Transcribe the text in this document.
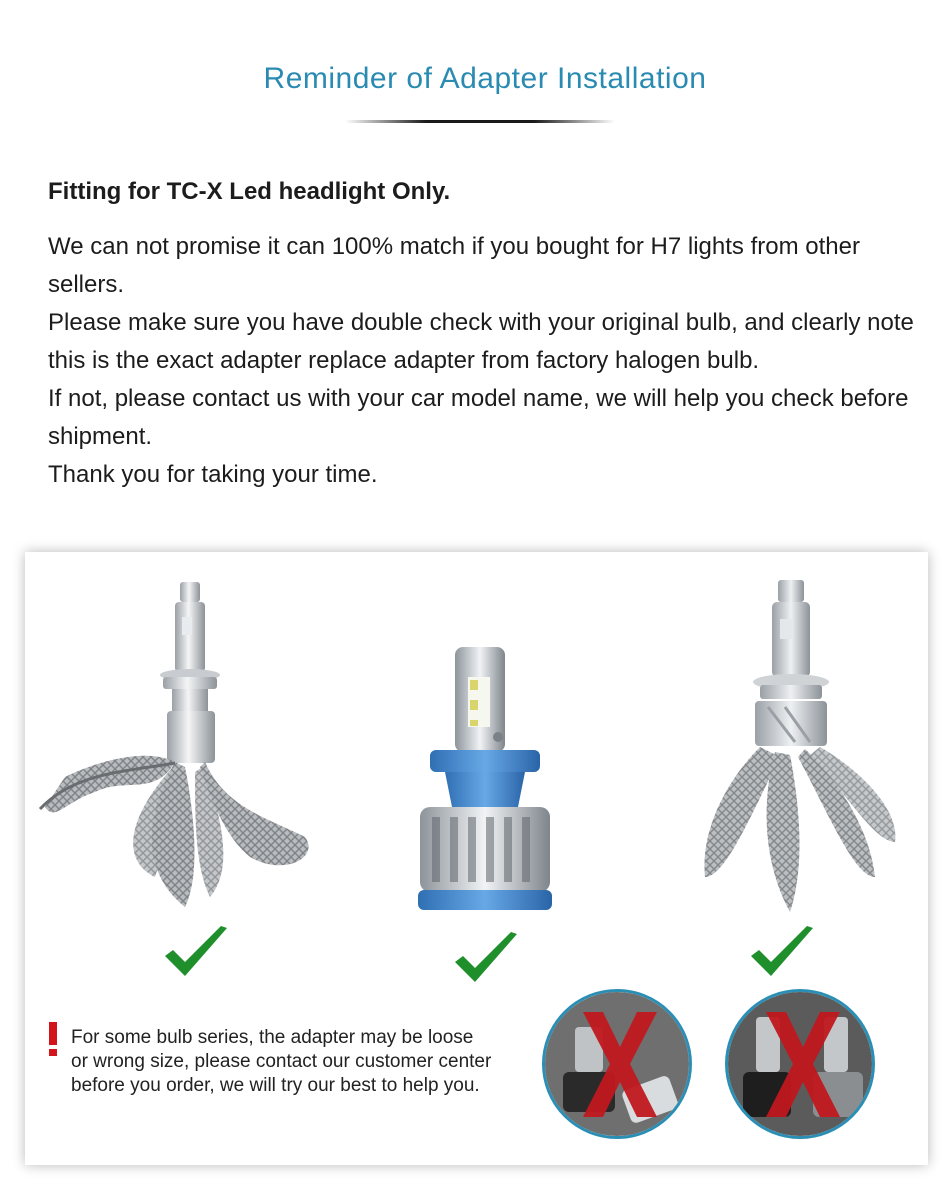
Reminder of Adapter Installation
Fitting for TC-X Led headlight Only.

We can not promise it can 100% match if you bought for H7 lights from other sellers.

Please make sure you have double check with your original bulb, and clearly note this is the exact adapter replace adapter from factory halogen bulb.

If not, please contact us with your car model name, we will help you check before shipment.

Thank you for taking your time.

For some bulb series, the adapter may be loose
or wrong size, please contact our customer center
before you order, we will try our best to help you.
